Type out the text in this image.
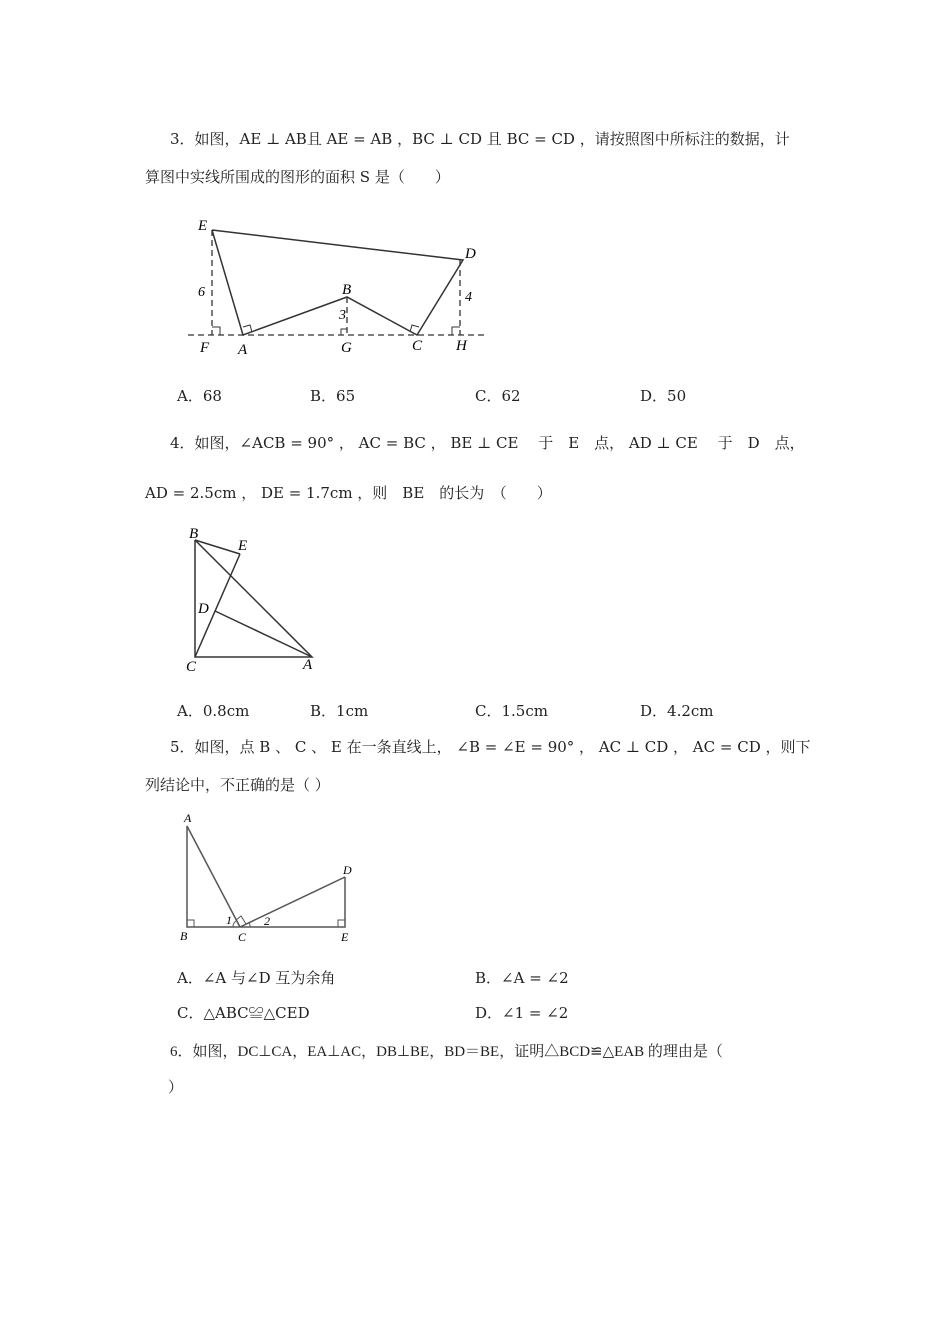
3．如图，AE ⊥ AB且 AE = AB ，BC ⊥ CD 且 BC = CD ，请按照图中所标注的数据，计
算图中实线所围成的图形的面积 S 是（　　）
E
D
B
F A	G	C H
6
3
4
A．68	B．65	C．62	D．50
4．如图，∠ACB = 90° ， AC = BC ， BE ⊥ CE　 于　E　点， AD ⊥ CE　 于　D　点，
AD = 2.5cm ， DE = 1.7cm ，则　BE　的长为　（　　）
B
E
D
C	A
A．0.8cm	B．1cm	C．1.5cm	D．4.2cm
5．如图，点 B 、 C 、 E 在一条直线上， ∠B = ∠E = 90° ， AC ⊥ CD ， AC = CD ，则下
列结论中，不正确的是（ ）
A
B	C
D
E
1	2
A．∠A 与∠D 互为余角	B．∠A = ∠2
C．△ABC≌△CED	D．∠1 = ∠2
6．如图，DC⊥CA，EA⊥AC，DB⊥BE，BD＝BE，证明△BCD≌△EAB 的理由是（
）
